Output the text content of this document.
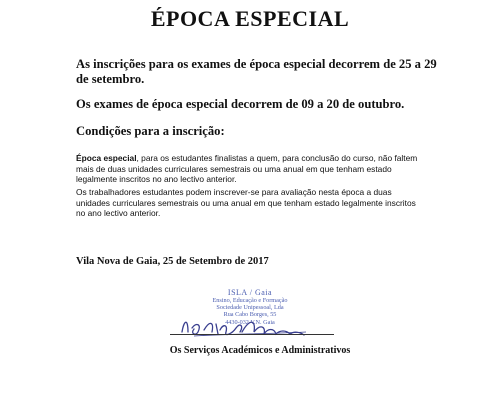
ÉPOCA ESPECIAL

As inscrições para os exames de época especial decorrem de 25 a 29 de setembro.

Os exames de época especial decorrem de 09 a 20 de outubro.

Condições para a inscrição:

Época especial, para os estudantes finalistas a quem, para conclusão do curso, não faltem mais de duas unidades curriculares semestrais ou uma anual em que tenham estado legalmente inscritos no ano lectivo anterior.

Os trabalhadores estudantes podem inscrever-se para avaliação nesta época a duas unidades curriculares semestrais ou uma anual em que tenham estado legalmente inscritos no ano lectivo anterior.

Vila Nova de Gaia, 25 de Setembro de 2017

ISLA / Gaia
Ensino, Educação e Formação
Sociedade Unipessoal, Lda
Rua Cabo Borges, 55
4430-032 V.N. Gaia

Os Serviços Académicos e Administrativos
